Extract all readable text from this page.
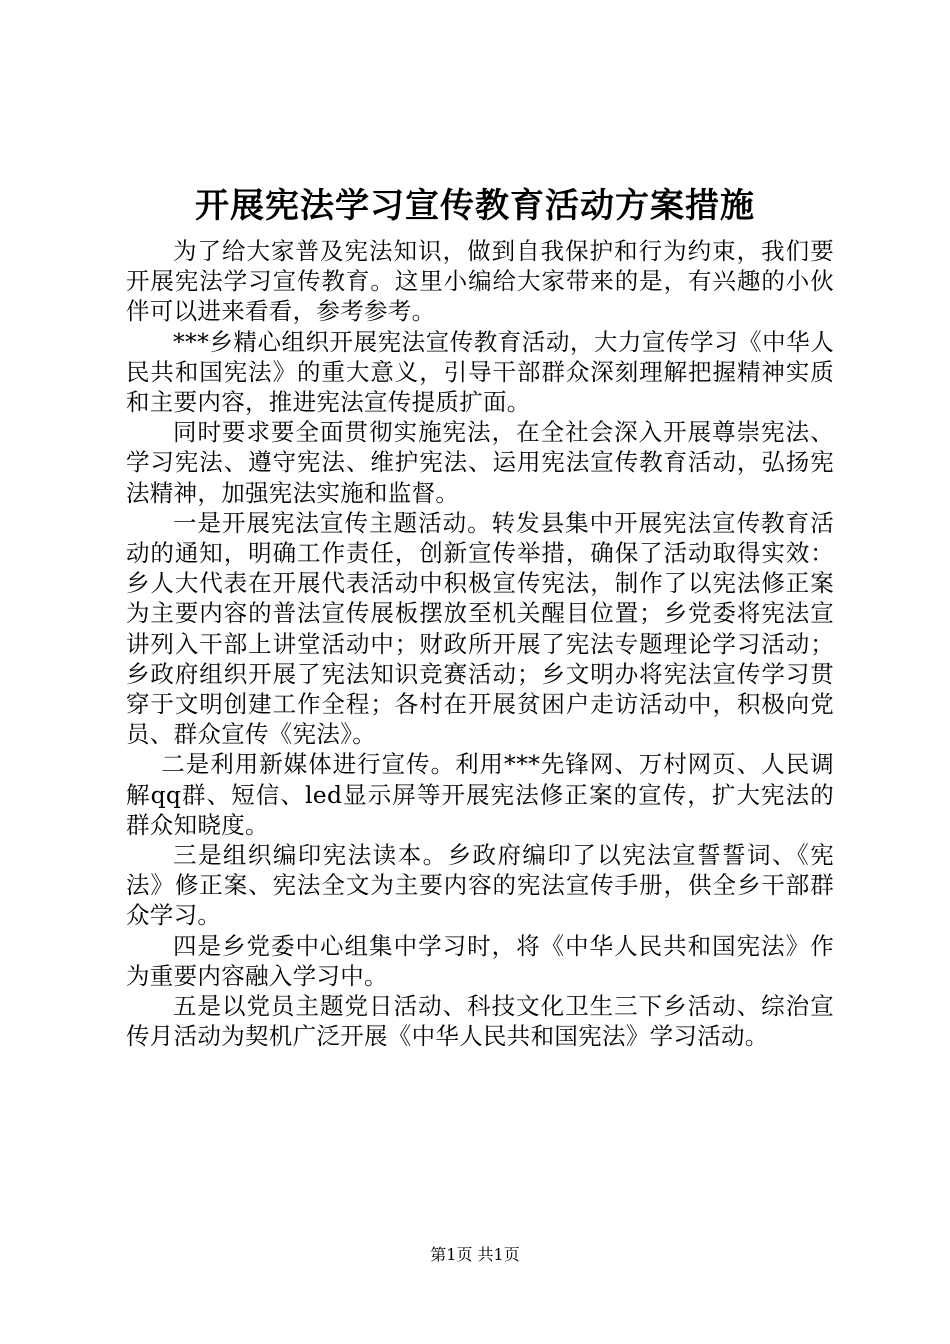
开展宪法学习宣传教育活动方案措施

为了给大家普及宪法知识，做到自我保护和行为约束，我们要开展宪法学习宣传教育。这里小编给大家带来的是，有兴趣的小伙伴可以进来看看，参考参考。

***乡精心组织开展宪法宣传教育活动，大力宣传学习《中华人民共和国宪法》的重大意义，引导干部群众深刻理解把握精神实质和主要内容，推进宪法宣传提质扩面。

同时要求要全面贯彻实施宪法，在全社会深入开展尊崇宪法、学习宪法、遵守宪法、维护宪法、运用宪法宣传教育活动，弘扬宪法精神，加强宪法实施和监督。

一是开展宪法宣传主题活动。转发县集中开展宪法宣传教育活动的通知，明确工作责任，创新宣传举措，确保了活动取得实效：乡人大代表在开展代表活动中积极宣传宪法，制作了以宪法修正案为主要内容的普法宣传展板摆放至机关醒目位置；乡党委将宪法宣讲列入干部上讲堂活动中；财政所开展了宪法专题理论学习活动；乡政府组织开展了宪法知识竞赛活动；乡文明办将宪法宣传学习贯穿于文明创建工作全程；各村在开展贫困户走访活动中，积极向党员、群众宣传《宪法》。

二是利用新媒体进行宣传。利用***先锋网、万村网页、人民调解qq群、短信、led显示屏等开展宪法修正案的宣传，扩大宪法的群众知晓度。

三是组织编印宪法读本。乡政府编印了以宪法宣誓誓词、《宪法》修正案、宪法全文为主要内容的宪法宣传手册，供全乡干部群众学习。

四是乡党委中心组集中学习时，将《中华人民共和国宪法》作为重要内容融入学习中。

五是以党员主题党日活动、科技文化卫生三下乡活动、综治宣传月活动为契机广泛开展《中华人民共和国宪法》学习活动。

第1页 共1页
